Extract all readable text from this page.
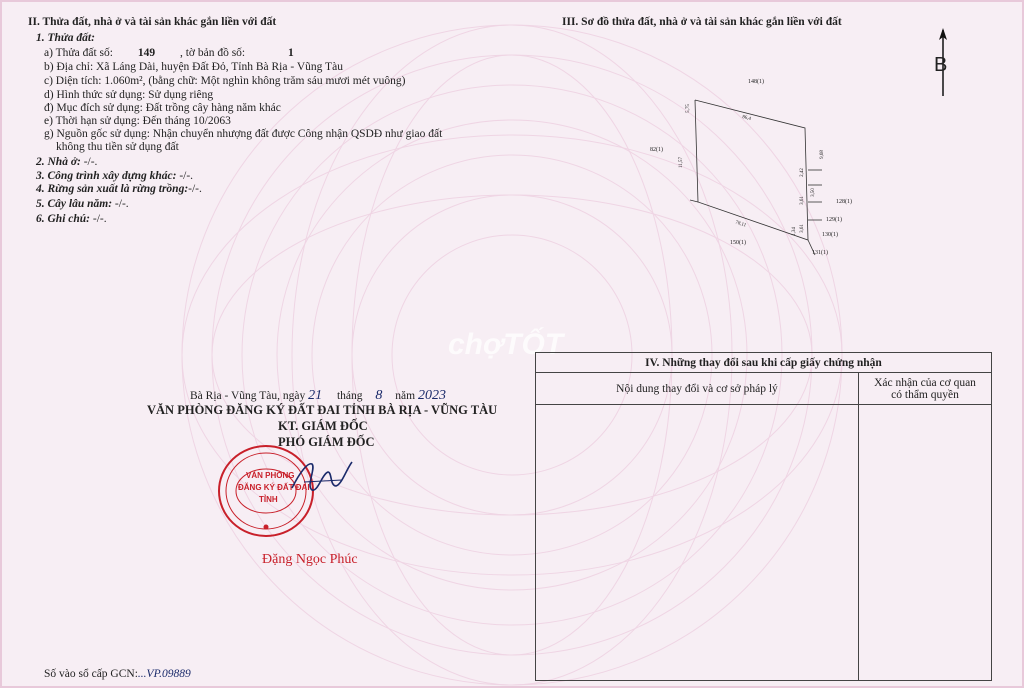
chợTỐT
II. Thửa đất, nhà ở và tài sản khác gắn liền với đất
1. Thửa đất:
a) Thửa đất số: 149 , tờ bản đồ số:	1
b) Địa chỉ: Xã Láng Dài, huyện Đất Đỏ, Tỉnh Bà Rịa - Vũng Tàu
c) Diện tích: 1.060m², (bằng chữ: Một nghìn không trăm sáu mươi mét vuông)
d) Hình thức sử dụng: Sử dụng riêng
đ) Mục đích sử dụng: Đất trồng cây hàng năm khác
e) Thời hạn sử dụng: Đến tháng 10/2063
g) Nguồn gốc sử dụng: Nhận chuyển nhượng đất được Công nhận QSDĐ như giao đất
không thu tiền sử dụng đất
2. Nhà ở: -/-.
3. Công trình xây dựng khác: -/-.
4. Rừng sản xuất là rừng trồng:-/-.
5. Cây lâu năm: -/-.
6. Ghi chú: -/-.
III. Sơ đồ thửa đất, nhà ở và tài sản khác gắn liền với đất
B
148(1)
82(1)
128(1)
129(1)
130(1)
131(1)
150(1)
86,4
78,11
11,57
5,75
9,68
2,42
3,50
3,61
3,61
1,34
Bà Rịa - Vũng Tàu, ngày 21 tháng 8 năm 2023
VĂN PHÒNG ĐĂNG KÝ ĐẤT ĐAI TỈNH BÀ RỊA - VŨNG TÀU
KT. GIÁM ĐỐC
PHÓ GIÁM ĐỐC
VĂN PHÒNG
ĐĂNG KÝ ĐẤT ĐAI
TỈNH
Đặng Ngọc Phúc
IV. Những thay đổi sau khi cấp giấy chứng nhận	
Nội dung thay đổi và cơ sở pháp lý	Xác nhận của cơ quan
có thẩm quyền

Số vào sổ cấp GCN:...VP.09889
